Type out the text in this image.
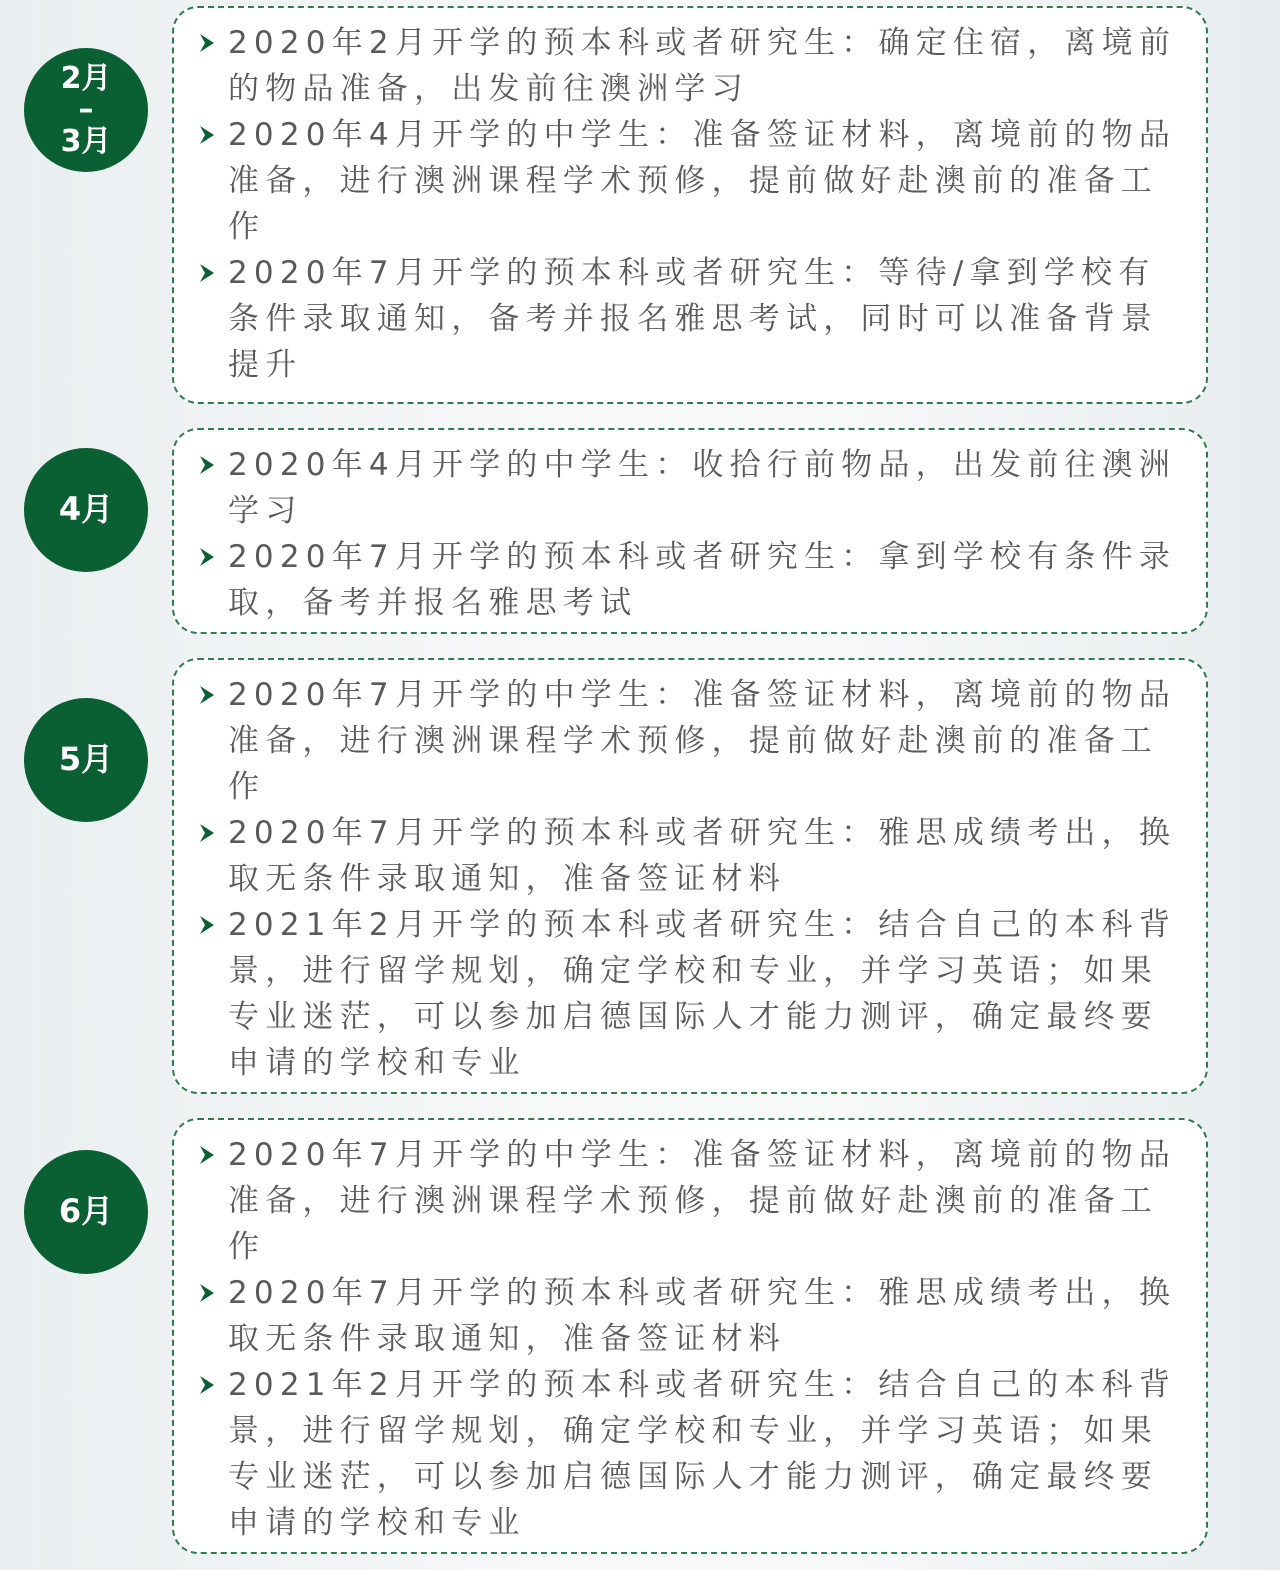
2月
–
3月
2020年2月开学的预本科或者研究生：确定住宿，离境前的物品准备，出发前往澳洲学习
2020年4月开学的中学生：准备签证材料，离境前的物品准备，进行澳洲课程学术预修，提前做好赴澳前的准备工作
2020年7月开学的预本科或者研究生：等待/拿到学校有条件录取通知，备考并报名雅思考试，同时可以准备背景提升
4月
2020年4月开学的中学生：收拾行前物品，出发前往澳洲学习
2020年7月开学的预本科或者研究生：拿到学校有条件录取，备考并报名雅思考试
5月
2020年7月开学的中学生：准备签证材料，离境前的物品准备，进行澳洲课程学术预修，提前做好赴澳前的准备工作
2020年7月开学的预本科或者研究生：雅思成绩考出，换取无条件录取通知，准备签证材料
2021年2月开学的预本科或者研究生：结合自己的本科背景，进行留学规划，确定学校和专业，并学习英语；如果专业迷茫，可以参加启德国际人才能力测评，确定最终要申请的学校和专业
6月
2020年7月开学的中学生：准备签证材料，离境前的物品准备，进行澳洲课程学术预修，提前做好赴澳前的准备工作
2020年7月开学的预本科或者研究生：雅思成绩考出，换取无条件录取通知，准备签证材料
2021年2月开学的预本科或者研究生：结合自己的本科背景，进行留学规划，确定学校和专业，并学习英语；如果专业迷茫，可以参加启德国际人才能力测评，确定最终要申请的学校和专业
